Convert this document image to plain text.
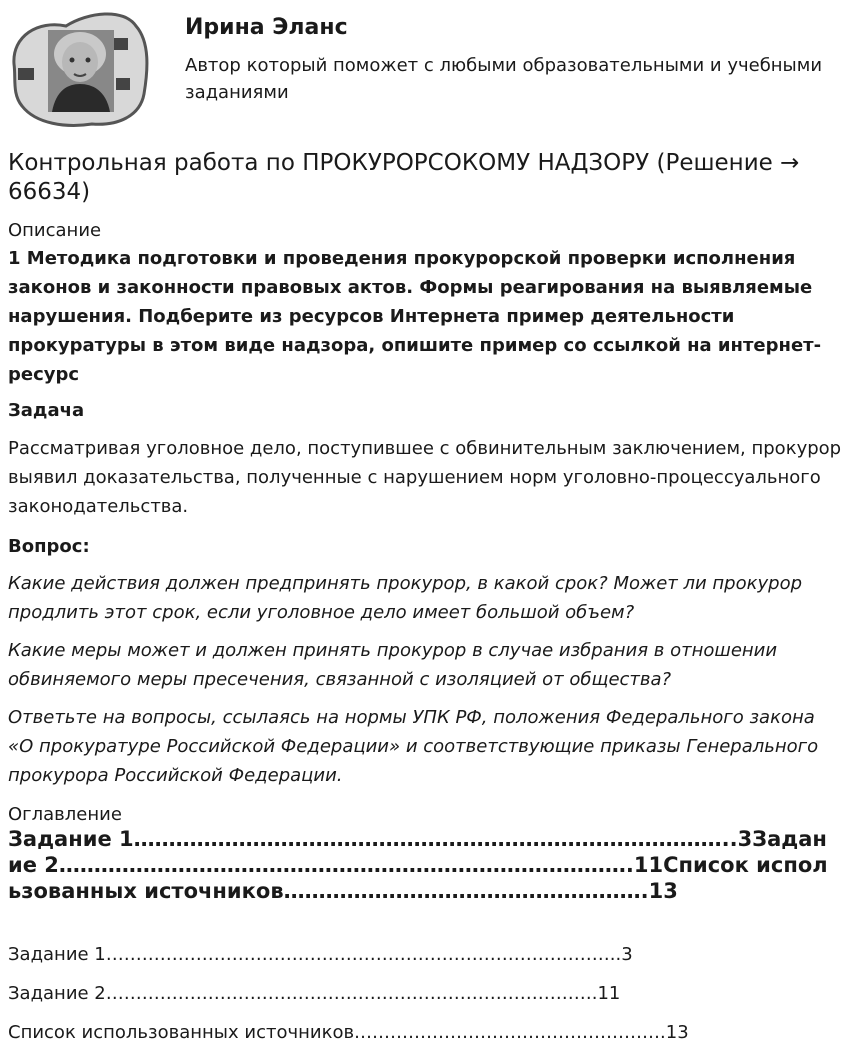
Ирина Эланс
Автор который поможет с любыми образовательными и учебными заданиями
Контрольная работа по ПРОКУРОРСОКОМУ НАДЗОРУ (Решение → 66634)
Описание
1 Методика подготовки и проведения прокурорской проверки исполнения законов и законности правовых актов. Формы реагирования на выявляемые нарушения. Подберите из ресурсов Интернета пример деятельности прокуратуры в этом виде надзора, опишите пример со ссылкой на интернет-ресурс
Задача
Рассматривая уголовное дело, поступившее с обвинительным заключением, прокурор выявил доказательства, полученные с нарушением норм уголовно-процессуального законодательства.
Вопрос:
Какие действия должен предпринять прокурор, в какой срок? Может ли прокурор продлить этот срок, если уголовное дело имеет большой объем?
Какие меры может и должен принять прокурор в случае избрания в отношении обвиняемого меры пресечения, связанной с изоляцией от общества?
Ответьте на вопросы, ссылаясь на нормы УПК РФ, положения Федерального закона «О прокуратуре Российской Федерации» и соответствующие приказы Генерального прокурора Российской Федерации.
Оглавление
Задание 1…………………………………………………………………………..3Задание 2……………………………………………………………………….11Список использованных источников…………………………………………….13
Задание 1…………………………………………………………………………..3
Задание 2……………………………………………………………………….11
Список использованных источников…………………………………………….13
